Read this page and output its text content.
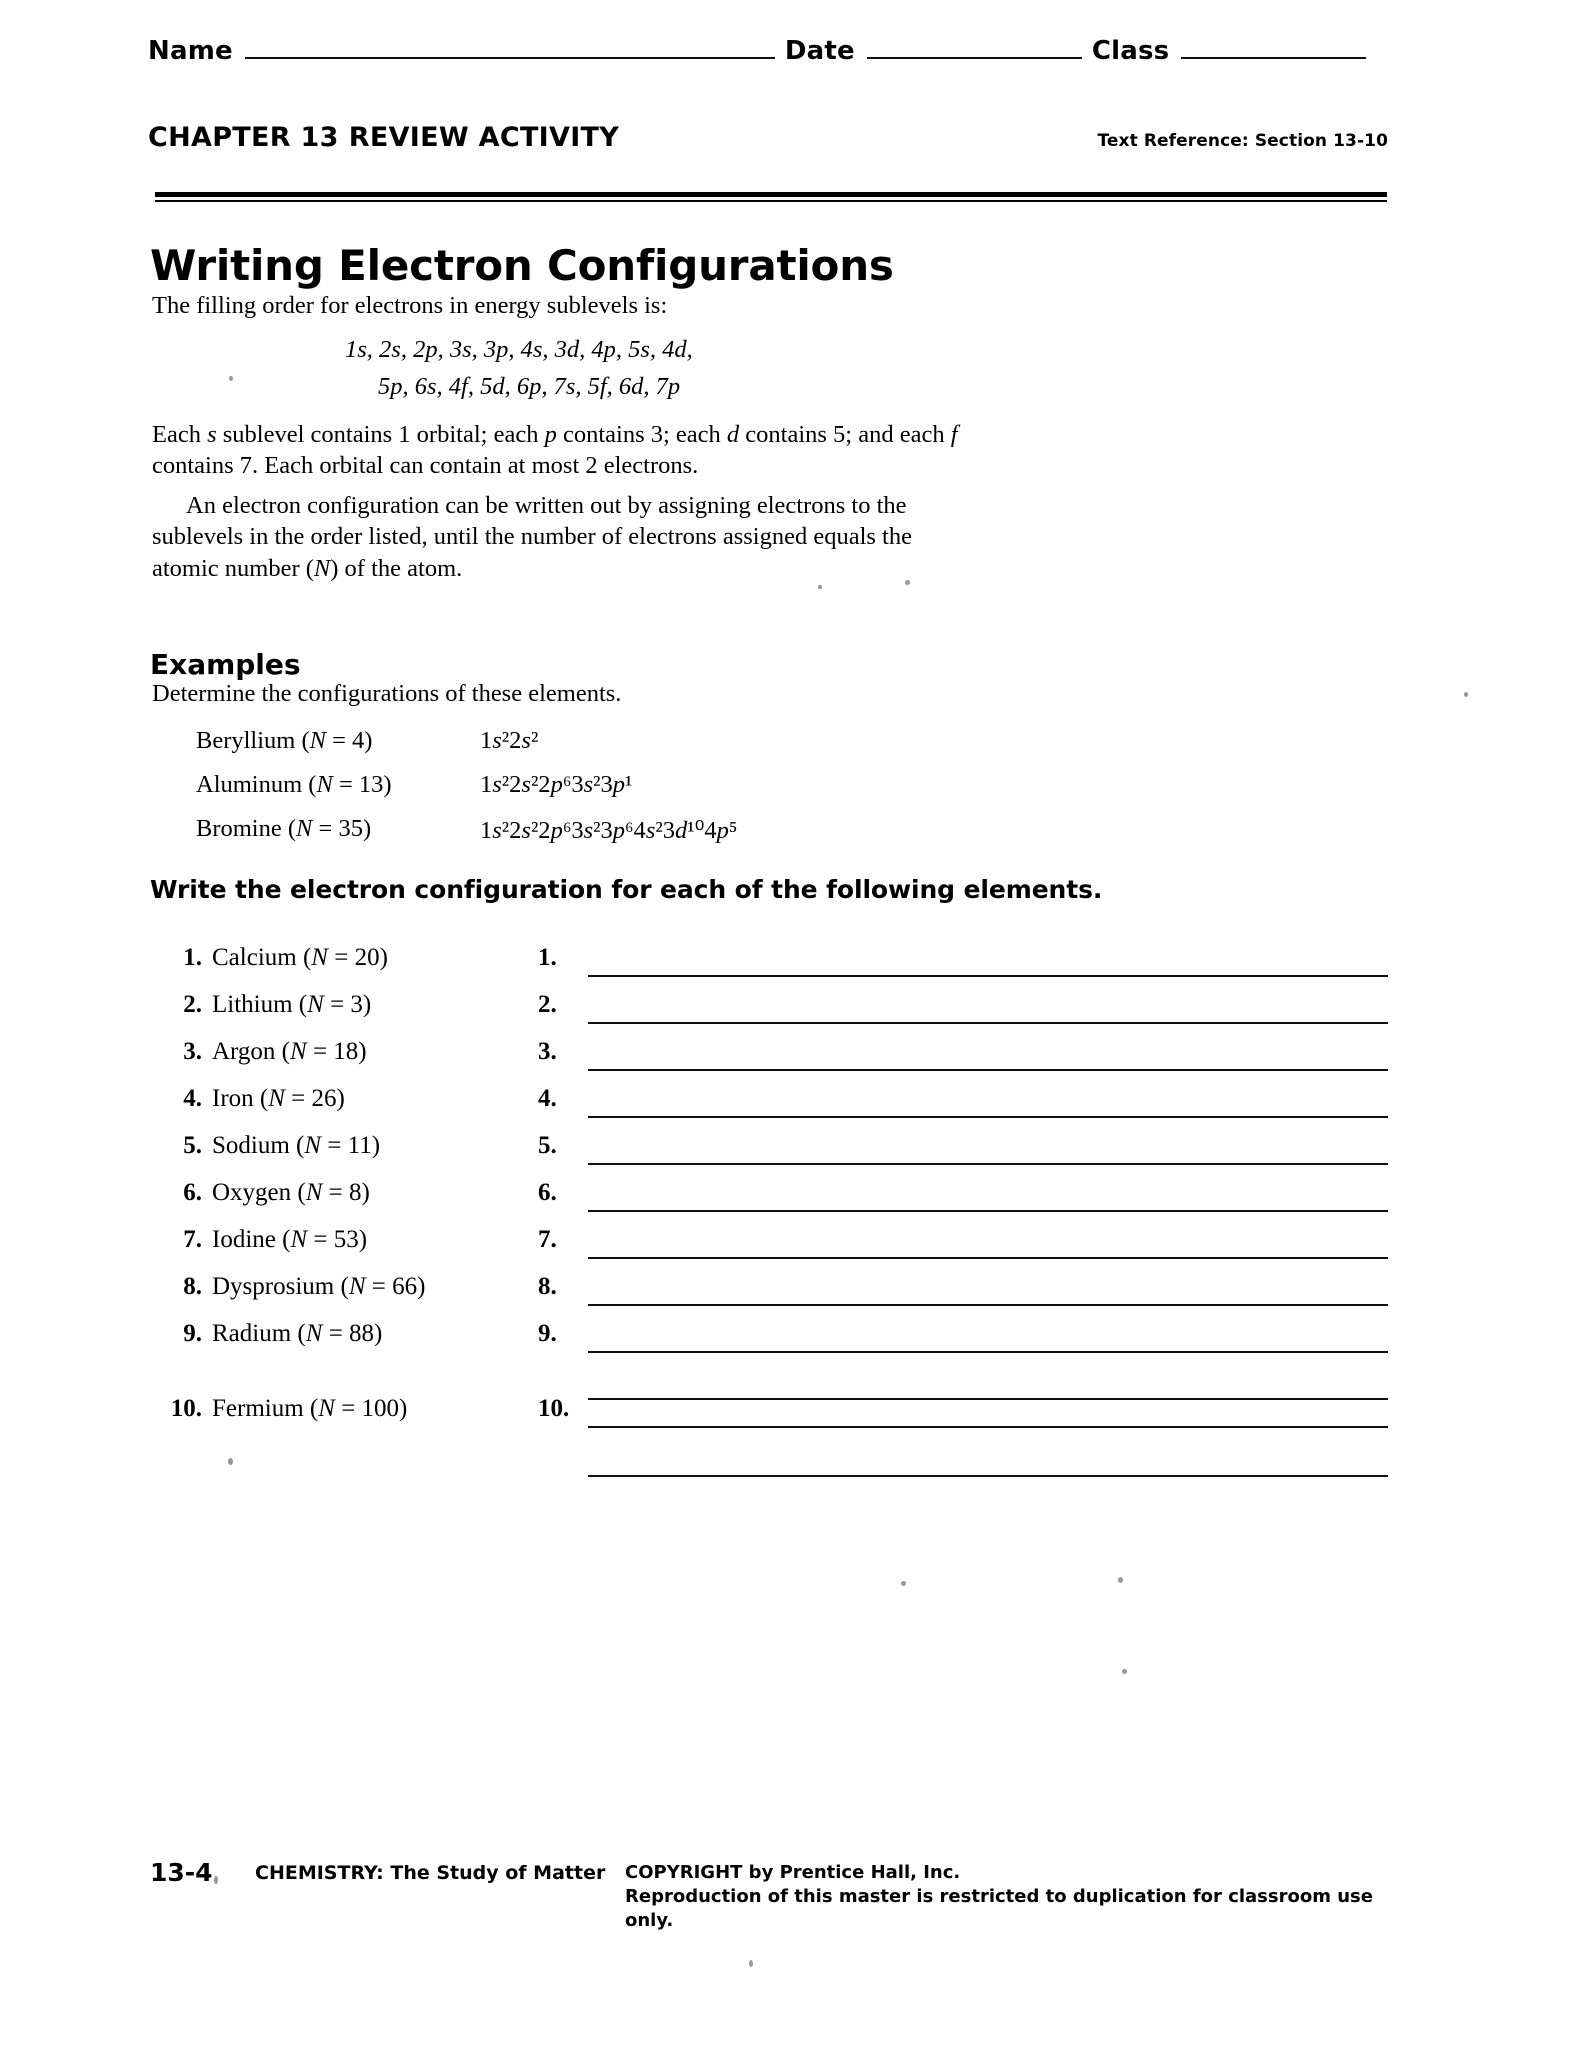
Name	Date	Class
CHAPTER 13 REVIEW ACTIVITY	Text Reference: Section 13-10
Writing Electron Configurations
The filling order for electrons in energy sublevels is:
1s, 2s, 2p, 3s, 3p, 4s, 3d, 4p, 5s, 4d,
5p, 6s, 4f, 5d, 6p, 7s, 5f, 6d, 7p
Each s sublevel contains 1 orbital; each p contains 3; each d contains 5; and each f contains 7. Each orbital can contain at most 2 electrons.
An electron configuration can be written out by assigning electrons to the sublevels in the order listed, until the number of electrons assigned equals the atomic number (N) of the atom.
Examples
Determine the configurations of these elements.
Beryllium (N = 4)	1s²2s²
Aluminum (N = 13)	1s²2s²2p⁶3s²3p¹
Bromine (N = 35)	1s²2s²2p⁶3s²3p⁶4s²3d¹⁰4p⁵
Write the electron configuration for each of the following elements.
1. Calcium (N = 20)	1.
2. Lithium (N = 3)	2.
3. Argon (N = 18)	3.
4. Iron (N = 26)	4.
5. Sodium (N = 11)	5.
6. Oxygen (N = 8)	6.
7. Iodine (N = 53)	7.
8. Dysprosium (N = 66)	8.
9. Radium (N = 88)	9.
10. Fermium (N = 100)	10.
13-4	CHEMISTRY: The Study of Matter	COPYRIGHT by Prentice Hall, Inc.
Reproduction of this master is restricted to duplication for classroom use only.
